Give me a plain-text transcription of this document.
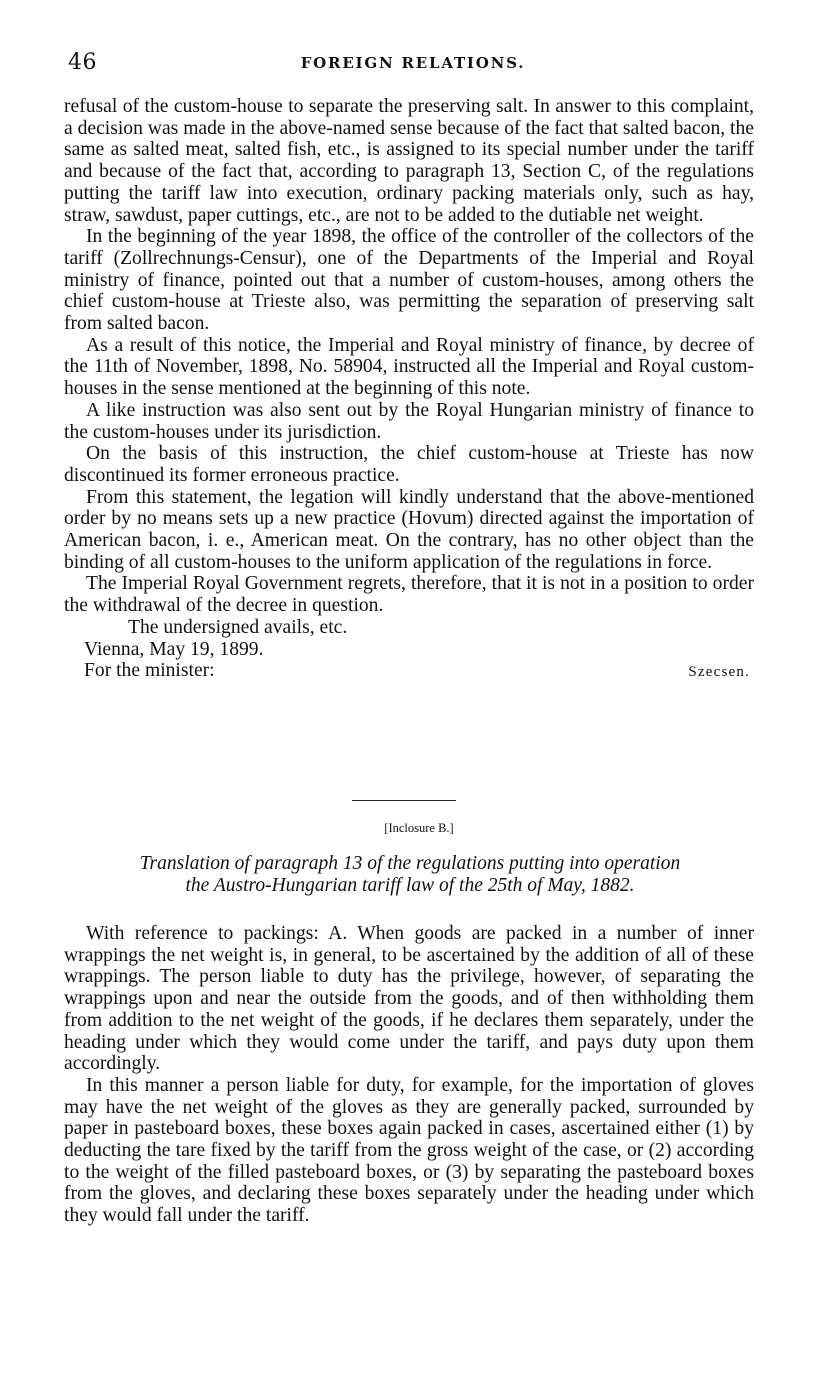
46	FOREIGN RELATIONS.

refusal of the custom-house to separate the preserving salt. In answer to this complaint, a decision was made in the above-named sense because of the fact that salted bacon, the same as salted meat, salted fish, etc., is assigned to its special number under the tariff and because of the fact that, according to paragraph 13, Section C, of the regulations putting the tariff law into execution, ordinary packing materials only, such as hay, straw, sawdust, paper cuttings, etc., are not to be added to the dutiable net weight.

In the beginning of the year 1898, the office of the controller of the collectors of the tariff (Zollrechnungs-Censur), one of the Departments of the Imperial and Royal ministry of finance, pointed out that a number of custom-houses, among others the chief custom-house at Trieste also, was permitting the separation of preserving salt from salted bacon.

As a result of this notice, the Imperial and Royal ministry of finance, by decree of the 11th of November, 1898, No. 58904, instructed all the Imperial and Royal custom-houses in the sense mentioned at the beginning of this note.

A like instruction was also sent out by the Royal Hungarian ministry of finance to the custom-houses under its jurisdiction.

On the basis of this instruction, the chief custom-house at Trieste has now discontinued its former erroneous practice.

From this statement, the legation will kindly understand that the above-mentioned order by no means sets up a new practice (Hovum) directed against the importation of American bacon, i. e., American meat. On the contrary, has no other object than the binding of all custom-houses to the uniform application of the regulations in force.

The Imperial Royal Government regrets, therefore, that it is not in a position to order the withdrawal of the decree in question.

The undersigned avails, etc.

Vienna, May 19, 1899.

For the minister:	Szecsen.
[Inclosure B.]
Translation of paragraph 13 of the regulations putting into operation
the Austro-Hungarian tariff law of the 25th of May, 1882.

With reference to packings: A. When goods are packed in a number of inner wrappings the net weight is, in general, to be ascertained by the addition of all of these wrappings. The person liable to duty has the privilege, however, of separating the wrappings upon and near the outside from the goods, and of then withholding them from addition to the net weight of the goods, if he declares them separately, under the heading under which they would come under the tariff, and pays duty upon them accordingly.

In this manner a person liable for duty, for example, for the importation of gloves may have the net weight of the gloves as they are generally packed, surrounded by paper in pasteboard boxes, these boxes again packed in cases, ascertained either (1) by deducting the tare fixed by the tariff from the gross weight of the case, or (2) according to the weight of the filled pasteboard boxes, or (3) by separating the pasteboard boxes from the gloves, and declaring these boxes separately under the heading under which they would fall under the tariff.
